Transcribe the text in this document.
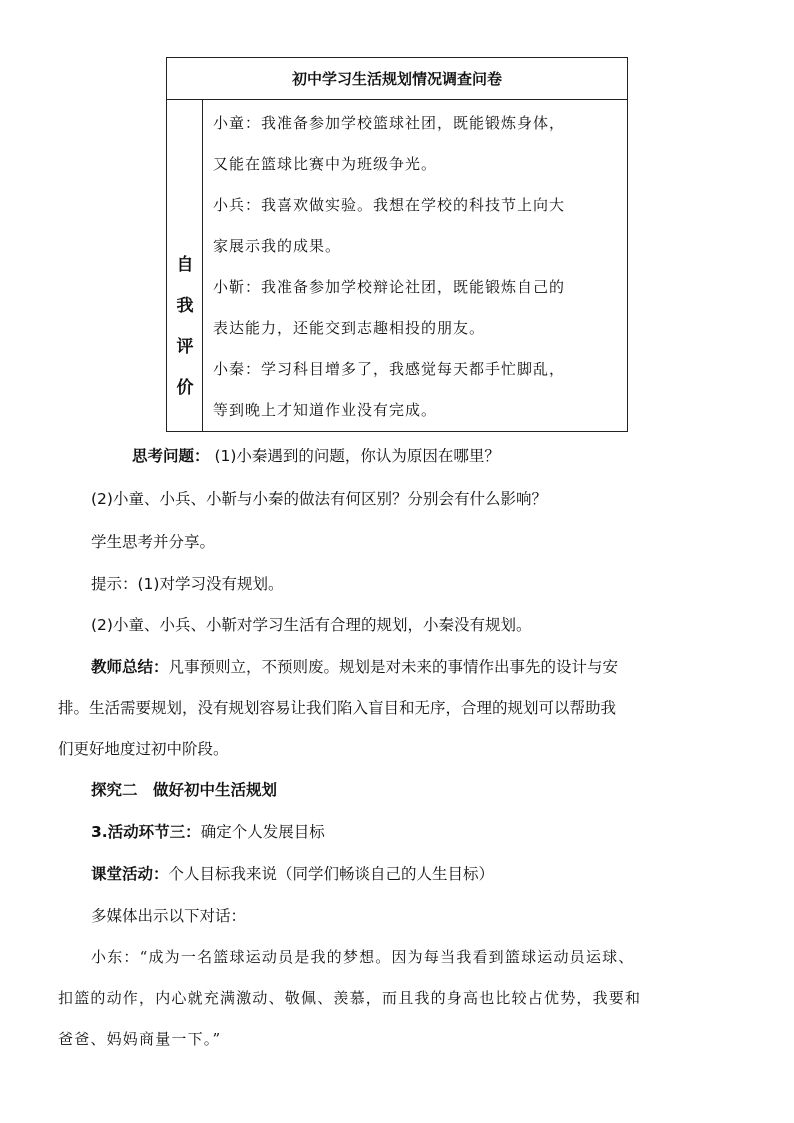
初中学习生活规划情况调查问卷
自
我
评
价
小童：我准备参加学校篮球社团，既能锻炼身体，
又能在篮球比赛中为班级争光。
小兵：我喜欢做实验。我想在学校的科技节上向大
家展示我的成果。
小靳：我准备参加学校辩论社团，既能锻炼自己的
表达能力，还能交到志趣相投的朋友。
小秦：学习科目增多了，我感觉每天都手忙脚乱，
等到晚上才知道作业没有完成。
思考问题： (1)小秦遇到的问题，你认为原因在哪里？
(2)小童、小兵、小靳与小秦的做法有何区别？分别会有什么影响？
学生思考并分享。
提示：(1)对学习没有规划。
(2)小童、小兵、小靳对学习生活有合理的规划，小秦没有规划。
教师总结：凡事预则立，不预则废。规划是对未来的事情作出事先的设计与安
排。生活需要规划，没有规划容易让我们陷入盲目和无序，合理的规划可以帮助我
们更好地度过初中阶段。
探究二　做好初中生活规划
3.活动环节三：确定个人发展目标
课堂活动：个人目标我来说（同学们畅谈自己的人生目标）
多媒体出示以下对话：
小东：“成为一名篮球运动员是我的梦想。因为每当我看到篮球运动员运球、
扣篮的动作，内心就充满激动、敬佩、羡慕，而且我的身高也比较占优势，我要和
爸爸、妈妈商量一下。”
